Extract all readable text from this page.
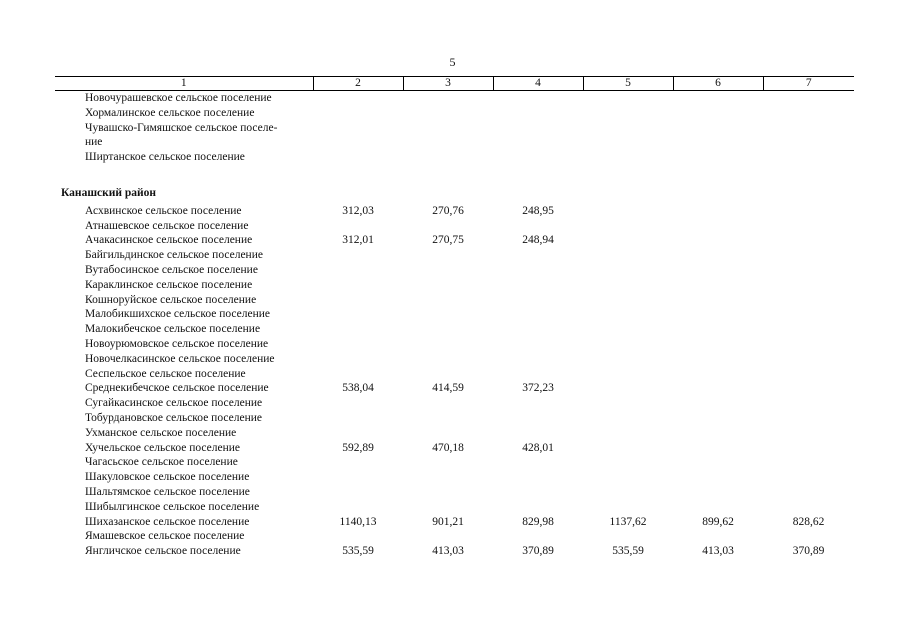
5
1	2	3	4	5	6	7
Новочурашевское сельское поселение						
Хормалинское сельское поселение						
Чувашско-Гимяшское сельское поселе-						
ние						
Ширтанское сельское поселение						

Канашский район						
Асхвинское сельское поселение	312,03	270,76	248,95			
Атнашевское сельское поселение						
Ачакасинское сельское поселение	312,01	270,75	248,94			
Байгильдинское сельское поселение						
Вутабосинское сельское поселение						
Караклинское сельское поселение						
Кошноруйское сельское поселение						
Малобикшихское сельское поселение						
Малокибечское сельское поселение						
Новоурюмовское сельское поселение						
Новочелкасинское сельское поселение						
Сеспельское сельское поселение						
Среднекибечское сельское поселение	538,04	414,59	372,23			
Сугайкасинское сельское поселение						
Тобурдановское сельское поселение						
Ухманское сельское поселение						
Хучельское сельское поселение	592,89	470,18	428,01			
Чагасьское сельское поселение						
Шакуловское сельское поселение						
Шальтямское сельское поселение						
Шибылгинское сельское поселение						
Шихазанское сельское поселение	1140,13	901,21	829,98	1137,62	899,62	828,62
Ямашевское сельское поселение						
Янгличское сельское поселение	535,59	413,03	370,89	535,59	413,03	370,89
